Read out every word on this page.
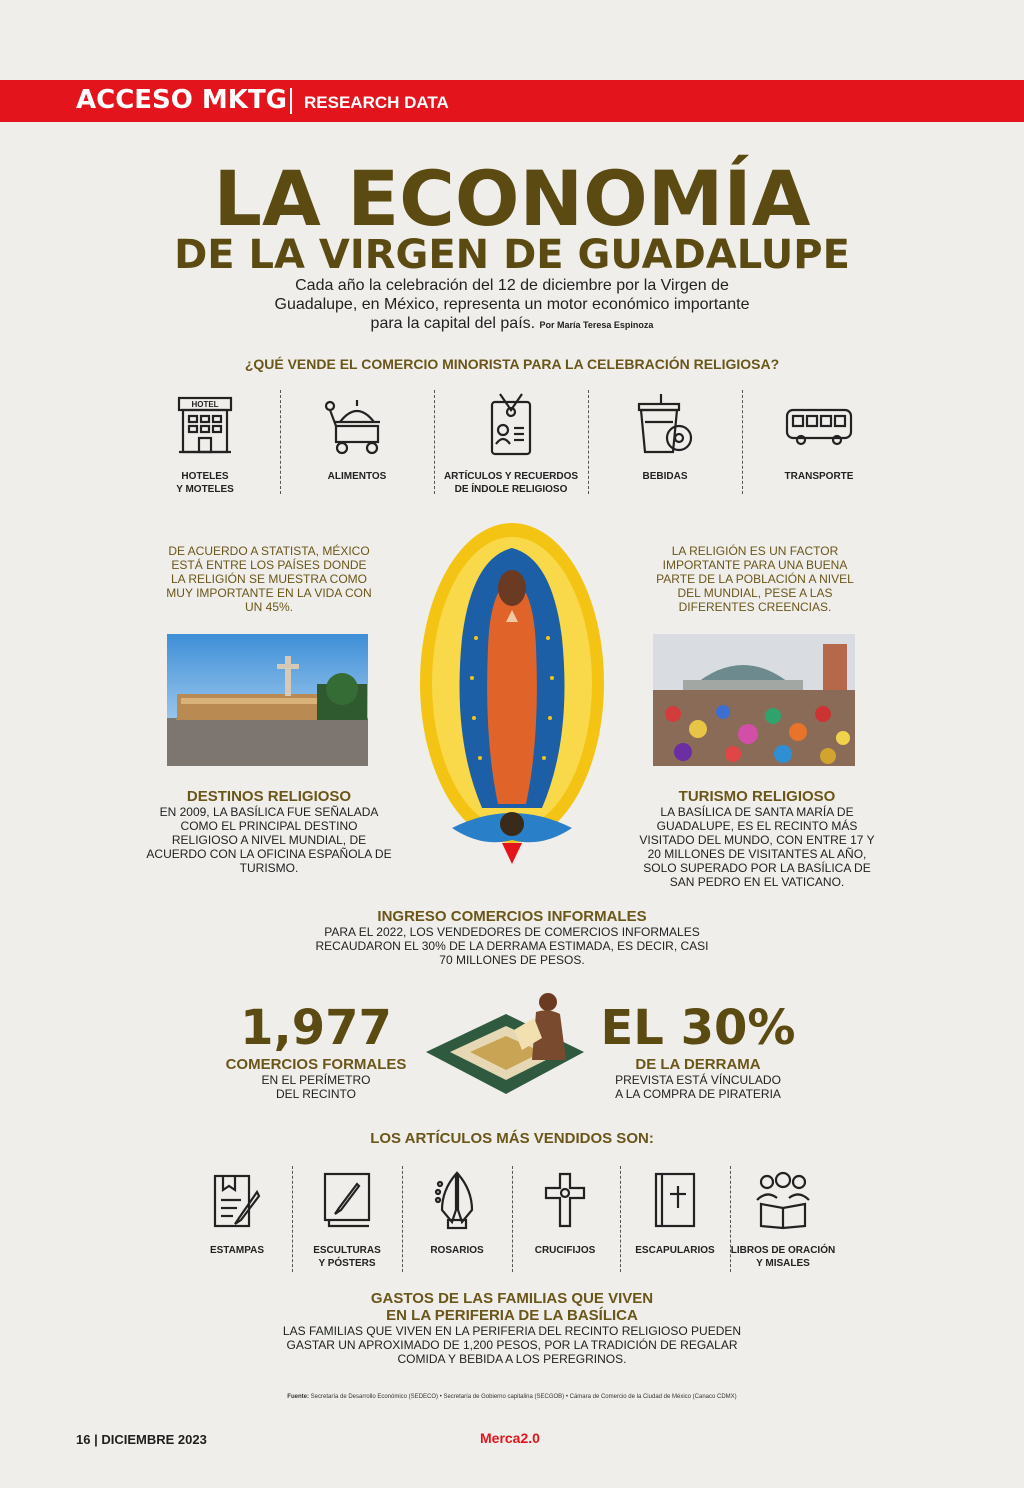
ACCESO MKTG RESEARCH DATA
LA ECONOMÍA
DE LA VIRGEN DE GUADALUPE
Cada año la celebración del 12 de diciembre por la Virgen de Guadalupe, en México, representa un motor económico importante para la capital del país. Por María Teresa Espinoza
¿QUÉ VENDE EL COMERCIO MINORISTA PARA LA CELEBRACIÓN RELIGIOSA?
HOTEL
HOTELES
Y MOTELES
ALIMENTOS	ARTÍCULOS Y RECUERDOS
DE ÍNDOLE RELIGIOSO
BEBIDAS	TRANSPORTE
DE ACUERDO A STATISTA, MÉXICO ESTÁ ENTRE LOS PAÍSES DONDE LA RELIGIÓN SE MUESTRA COMO MUY IMPORTANTE EN LA VIDA CON UN 45%.
LA RELIGIÓN ES UN FACTOR IMPORTANTE PARA UNA BUENA PARTE DE LA POBLACIÓN A NIVEL DEL MUNDIAL, PESE A LAS DIFERENTES CREENCIAS.
DESTINOS RELIGIOSO
EN 2009, LA BASÍLICA FUE SEÑALADA COMO EL PRINCIPAL DESTINO RELIGIOSO A NIVEL MUNDIAL, DE ACUERDO CON LA OFICINA ESPAÑOLA DE TURISMO.
TURISMO RELIGIOSO
LA BASÍLICA DE SANTA MARÍA DE GUADALUPE, ES EL RECINTO MÁS VISITADO DEL MUNDO, CON ENTRE 17 Y 20 MILLONES DE VISITANTES AL AÑO, SOLO SUPERADO POR LA BASÍLICA DE SAN PEDRO EN EL VATICANO.
INGRESO COMERCIOS INFORMALES
PARA EL 2022, LOS VENDEDORES DE COMERCIOS INFORMALES RECAUDARON EL 30% DE LA DERRAMA ESTIMADA, ES DECIR, CASI 70 MILLONES DE PESOS.
1,977
COMERCIOS FORMALES
EN EL PERÍMETRO
DEL RECINTO
EL 30%
DE LA DERRAMA
PREVISTA ESTÁ VÍNCULADO
A LA COMPRA DE PIRATERIA
LOS ARTÍCULOS MÁS VENDIDOS SON:
ESTAMPAS	ESCULTURAS
Y PÓSTERS
ROSARIOS	CRUCIFIJOS	ESCAPULARIOS	LIBROS DE ORACIÓN
Y MISALES
GASTOS DE LAS FAMILIAS QUE VIVEN
EN LA PERIFERIA DE LA BASÍLICA
LAS FAMILIAS QUE VIVEN EN LA PERIFERIA DEL RECINTO RELIGIOSO PUEDEN GASTAR UN APROXIMADO DE 1,200 PESOS, POR LA TRADICIÓN DE REGALAR COMIDA Y BEBIDA A LOS PEREGRINOS.
Fuente: Secretaría de Desarrollo Económico (SEDECO) • Secretaría de Gobierno capitalina (SECGOB) • Cámara de Comercio de la Ciudad de México (Canaco CDMX)
16 | DICIEMBRE 2023	Merca2.0
